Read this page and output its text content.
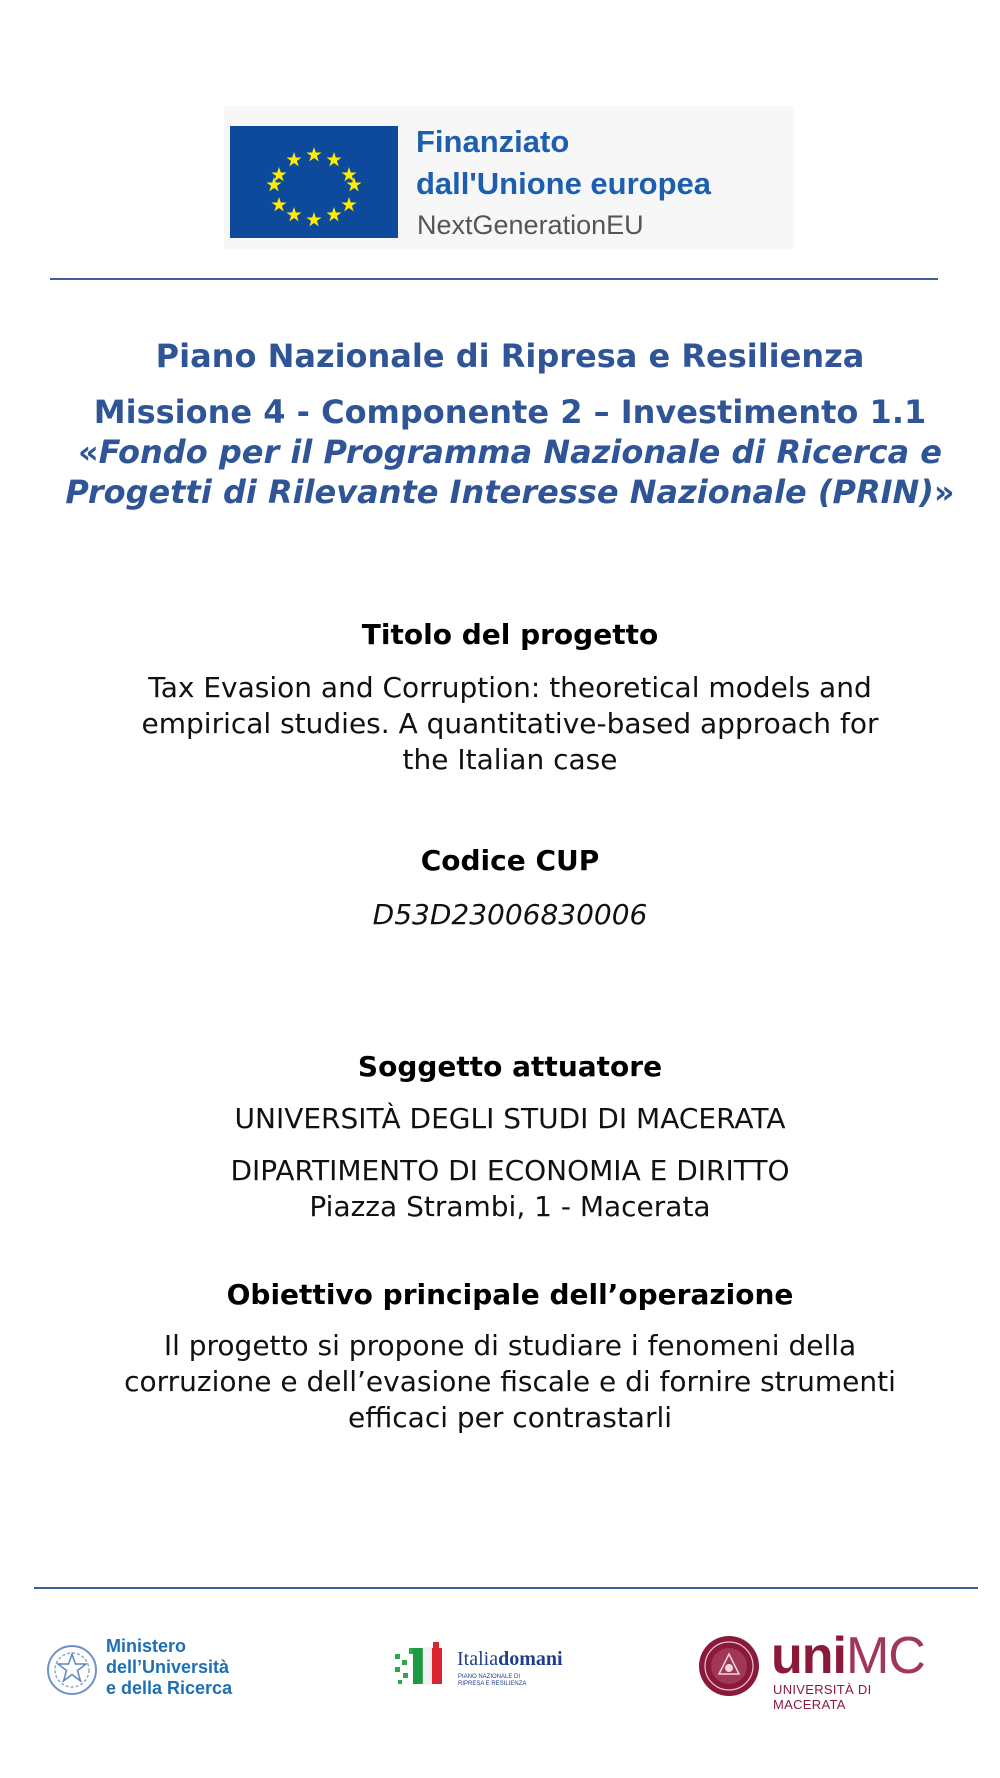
Finanziato
dall'Unione europea
NextGenerationEU
Piano Nazionale di Ripresa e Resilienza
Missione 4 - Componente 2 – Investimento 1.1
«Fondo per il Programma Nazionale di Ricerca e Progetti di Rilevante Interesse Nazionale (PRIN)»
Titolo del progetto
Tax Evasion and Corruption: theoretical models and empirical studies. A quantitative-based approach for the Italian case
Codice CUP
D53D23006830006
Soggetto attuatore
UNIVERSITÀ DEGLI STUDI DI MACERATA
DIPARTIMENTO DI ECONOMIA E DIRITTO
Piazza Strambi, 1 - Macerata
Obiettivo principale dell’operazione
Il progetto si propone di studiare i fenomeni della corruzione e dell’evasione fiscale e di fornire strumenti efficaci per contrastarli
Ministero
dell’Università
e della Ricerca
Italiadomani
PIANO NAZIONALE DI RIPRESA E RESILIENZA	uniMC
UNIVERSITÀ DI MACERATA
